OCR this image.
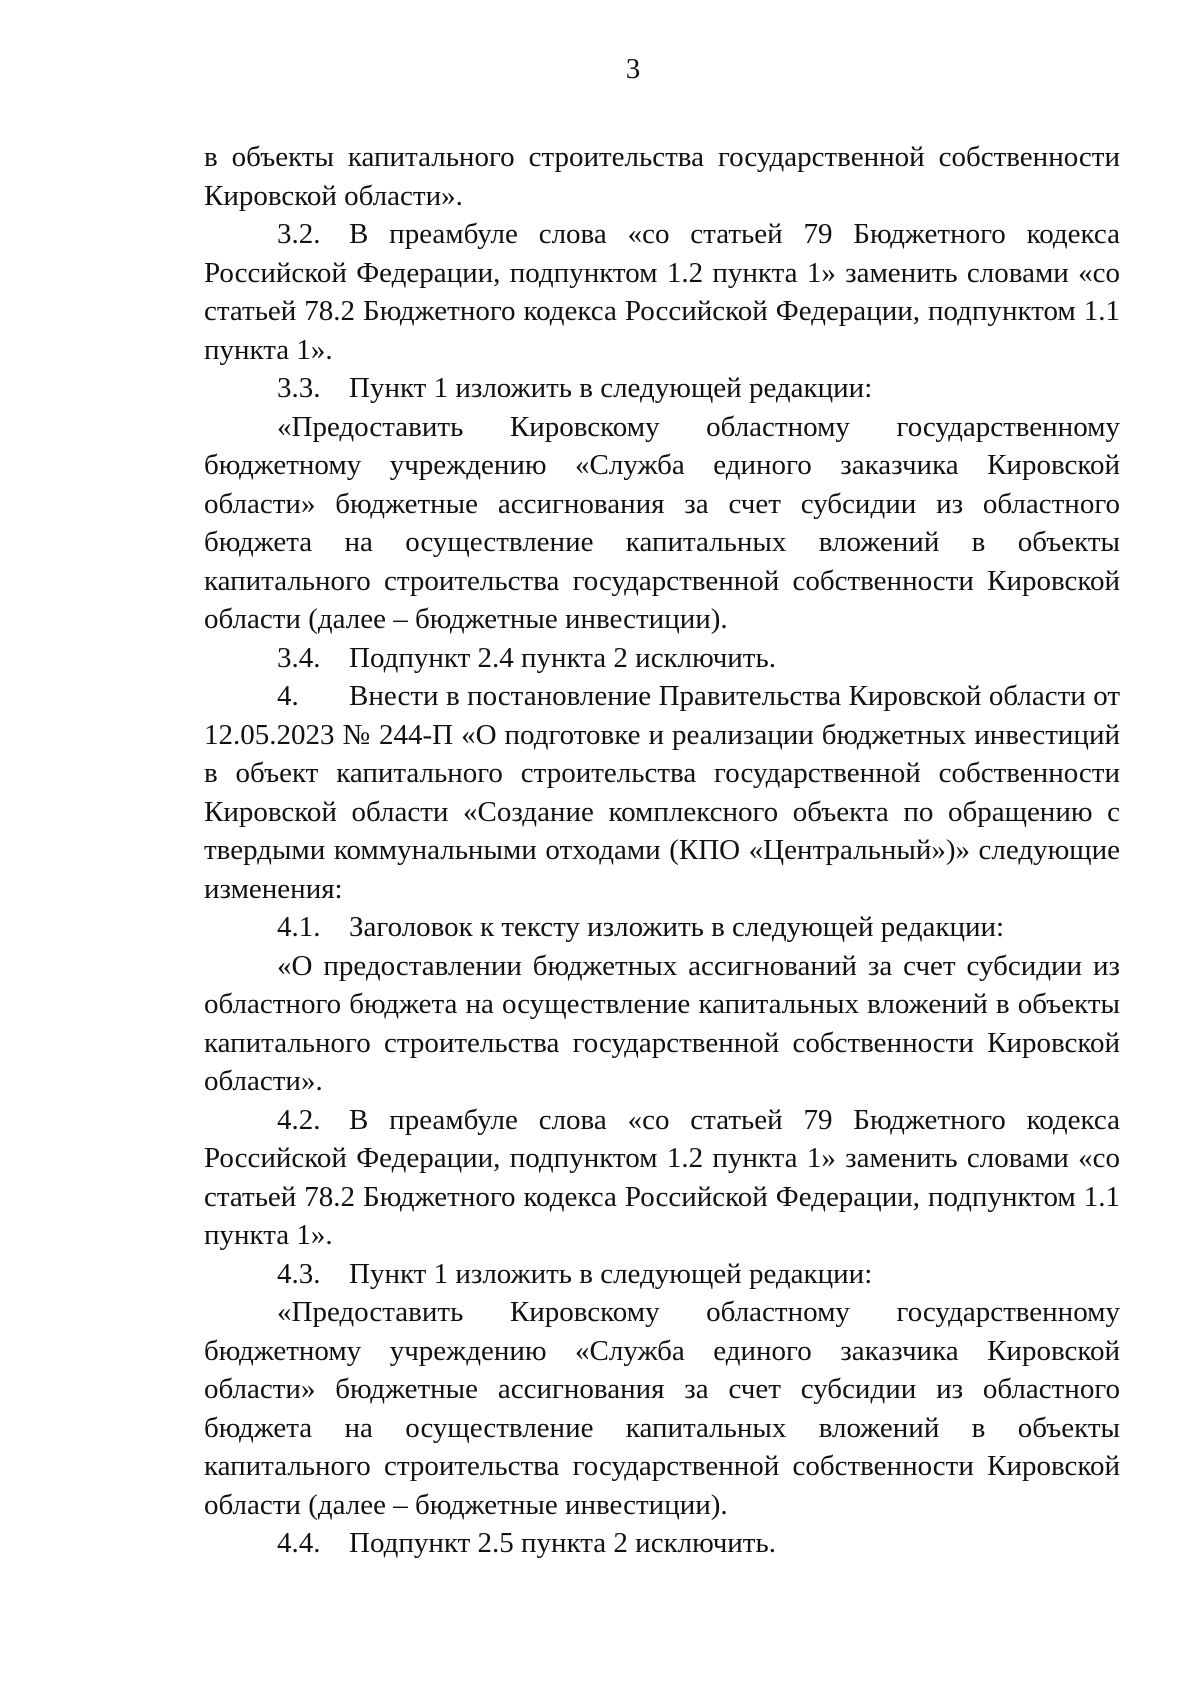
3

в объекты капитального строительства государственной собственности Кировской области».

3.2. В преамбуле слова «со статьей 79 Бюджетного кодекса Российской Федерации, подпунктом 1.2 пункта 1» заменить словами «со статьей 78.2 Бюджетного кодекса Российской Федерации, подпунктом 1.1 пункта 1».

3.3. Пункт 1 изложить в следующей редакции:

«Предоставить Кировскому областному государственному бюджетному учреждению «Служба единого заказчика Кировской области» бюджетные ассигнования за счет субсидии из областного бюджета на осуществление капитальных вложений в объекты капитального строительства государственной собственности Кировской области (далее – бюджетные инвестиции).

3.4. Подпункт 2.4 пункта 2 исключить.

4. Внести в постановление Правительства Кировской области от 12.05.2023 № 244-П «О подготовке и реализации бюджетных инвестиций в объект капитального строительства государственной собственности Кировской области «Создание комплексного объекта по обращению с твердыми коммунальными отходами (КПО «Центральный»)» следующие изменения:

4.1. Заголовок к тексту изложить в следующей редакции:

«О предоставлении бюджетных ассигнований за счет субсидии из областного бюджета на осуществление капитальных вложений в объекты капитального строительства государственной собственности Кировской области».

4.2. В преамбуле слова «со статьей 79 Бюджетного кодекса Российской Федерации, подпунктом 1.2 пункта 1» заменить словами «со статьей 78.2 Бюджетного кодекса Российской Федерации, подпунктом 1.1 пункта 1».

4.3. Пункт 1 изложить в следующей редакции:

«Предоставить Кировскому областному государственному бюджетному учреждению «Служба единого заказчика Кировской области» бюджетные ассигнования за счет субсидии из областного бюджета на осуществление капитальных вложений в объекты капитального строительства государственной собственности Кировской области (далее – бюджетные инвестиции).

4.4. Подпункт 2.5 пункта 2 исключить.
